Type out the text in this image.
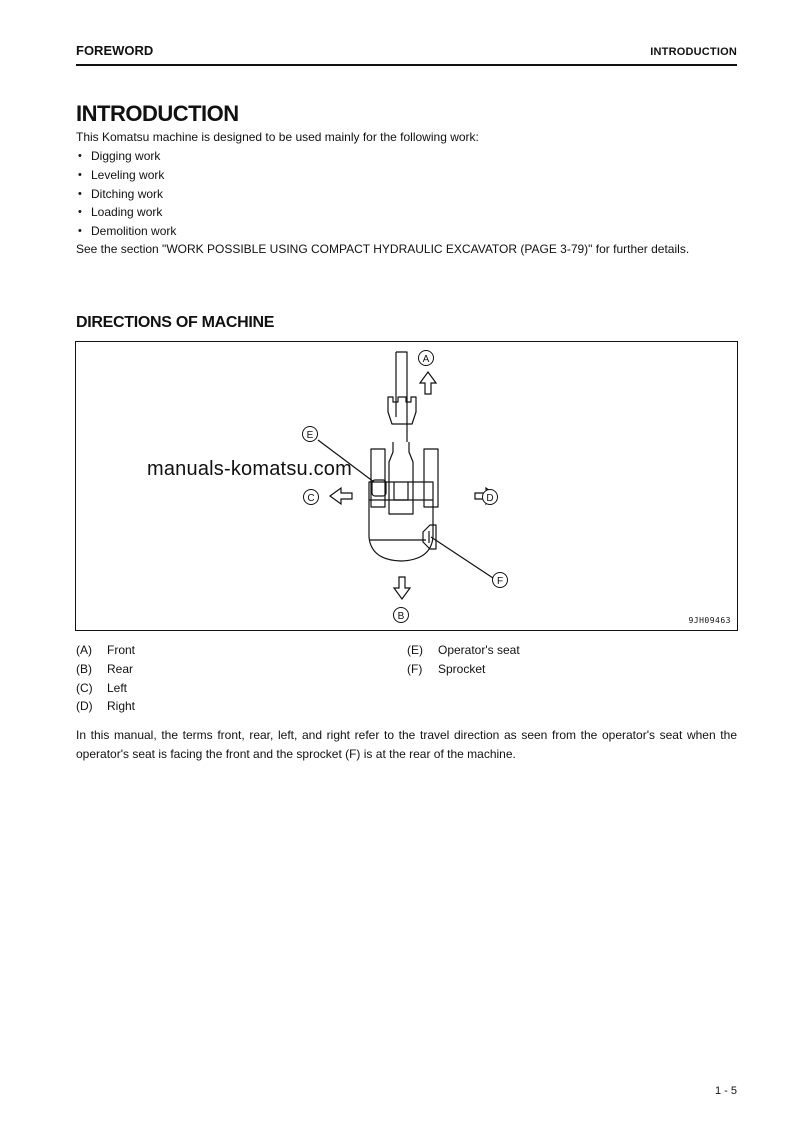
FOREWORD	INTRODUCTION
INTRODUCTION
This Komatsu machine is designed to be used mainly for the following work:
• Digging work
• Leveling work
• Ditching work
• Loading work
• Demolition work
See the section "WORK POSSIBLE USING COMPACT HYDRAULIC EXCAVATOR (PAGE 3-79)" for further details.
DIRECTIONS OF MACHINE
A
B
C	D
E
F
manuals-komatsu.com
9JH09463
(A)	Front
(B)	Rear
(C)	Left
(D)	Right
(E)	Operator's seat
(F)	Sprocket
In this manual, the terms front, rear, left, and right refer to the travel direction as seen from the operator's seat when the operator's seat is facing the front and the sprocket (F) is at the rear of the machine.
1 - 5
